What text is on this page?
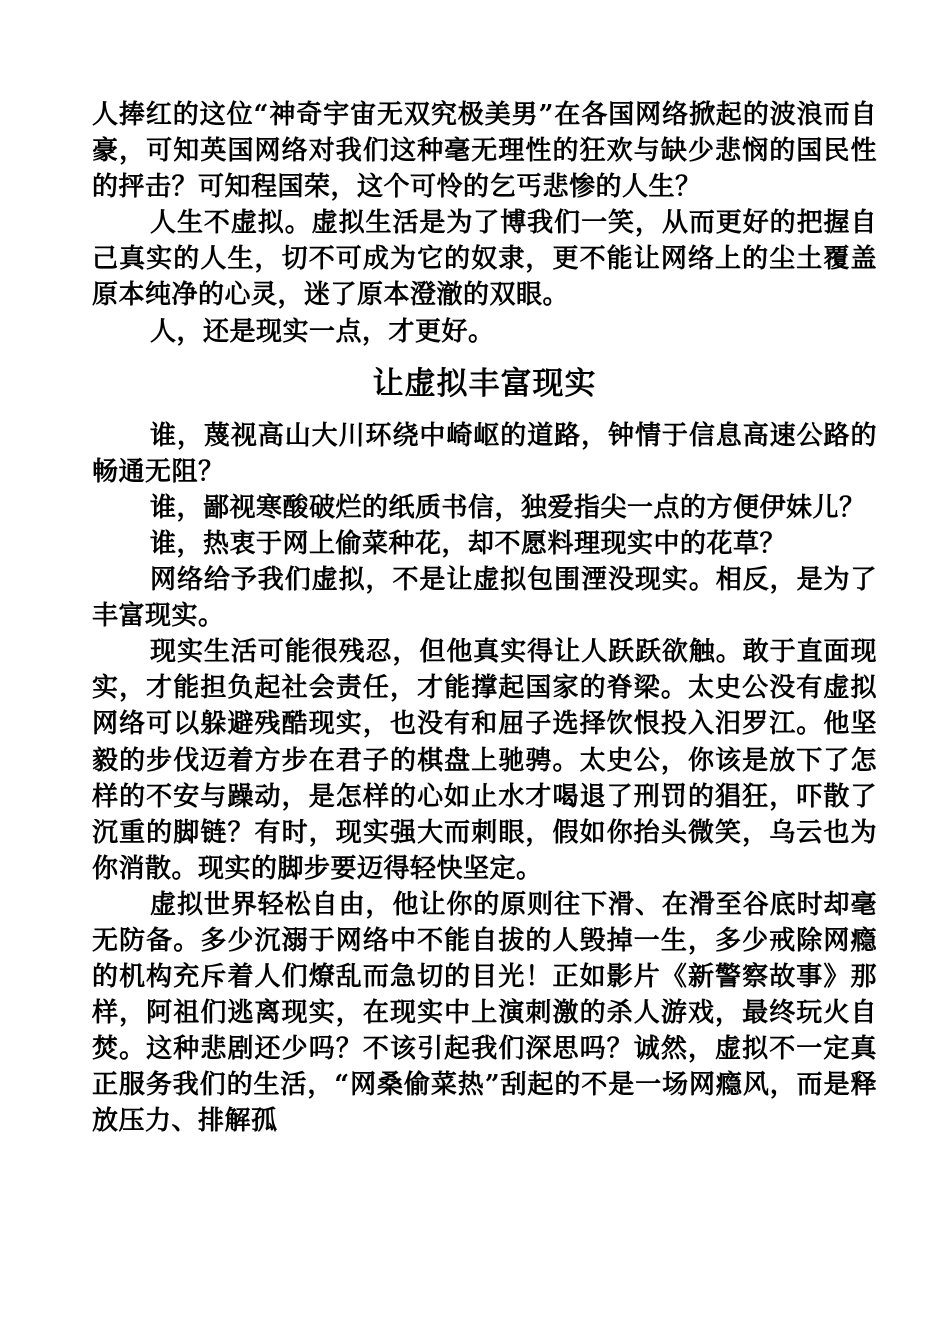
人捧红的这位“神奇宇宙无双究极美男”在各国网络掀起的波浪而自豪，可知英国网络对我们这种毫无理性的狂欢与缺少悲悯的国民性的抨击？可知程国荣，这个可怜的乞丐悲惨的人生？

人生不虚拟。虚拟生活是为了博我们一笑，从而更好的把握自己真实的人生，切不可成为它的奴隶，更不能让网络上的尘土覆盖原本纯净的心灵，迷了原本澄澈的双眼。

人，还是现实一点，才更好。

让虚拟丰富现实

谁，蔑视高山大川环绕中崎岖的道路，钟情于信息高速公路的畅通无阻？

谁，鄙视寒酸破烂的纸质书信，独爱指尖一点的方便伊妹儿？

谁，热衷于网上偷菜种花，却不愿料理现实中的花草？

网络给予我们虚拟，不是让虚拟包围湮没现实。相反，是为了丰富现实。

现实生活可能很残忍，但他真实得让人跃跃欲触。敢于直面现实，才能担负起社会责任，才能撑起国家的脊梁。太史公没有虚拟网络可以躲避残酷现实，也没有和屈子选择饮恨投入汨罗江。他坚毅的步伐迈着方步在君子的棋盘上驰骋。太史公，你该是放下了怎样的不安与躁动，是怎样的心如止水才喝退了刑罚的猖狂，吓散了沉重的脚链？有时，现实强大而刺眼，假如你抬头微笑，乌云也为你消散。现实的脚步要迈得轻快坚定。

虚拟世界轻松自由，他让你的原则往下滑、在滑至谷底时却毫无防备。多少沉溺于网络中不能自拔的人毁掉一生，多少戒除网瘾的机构充斥着人们燎乱而急切的目光！正如影片《新警察故事》那样，阿祖们逃离现实，在现实中上演刺激的杀人游戏，最终玩火自焚。这种悲剧还少吗？不该引起我们深思吗？诚然，虚拟不一定真正服务我们的生活，“网桑偷菜热”刮起的不是一场网瘾风，而是释放压力、排解孤
